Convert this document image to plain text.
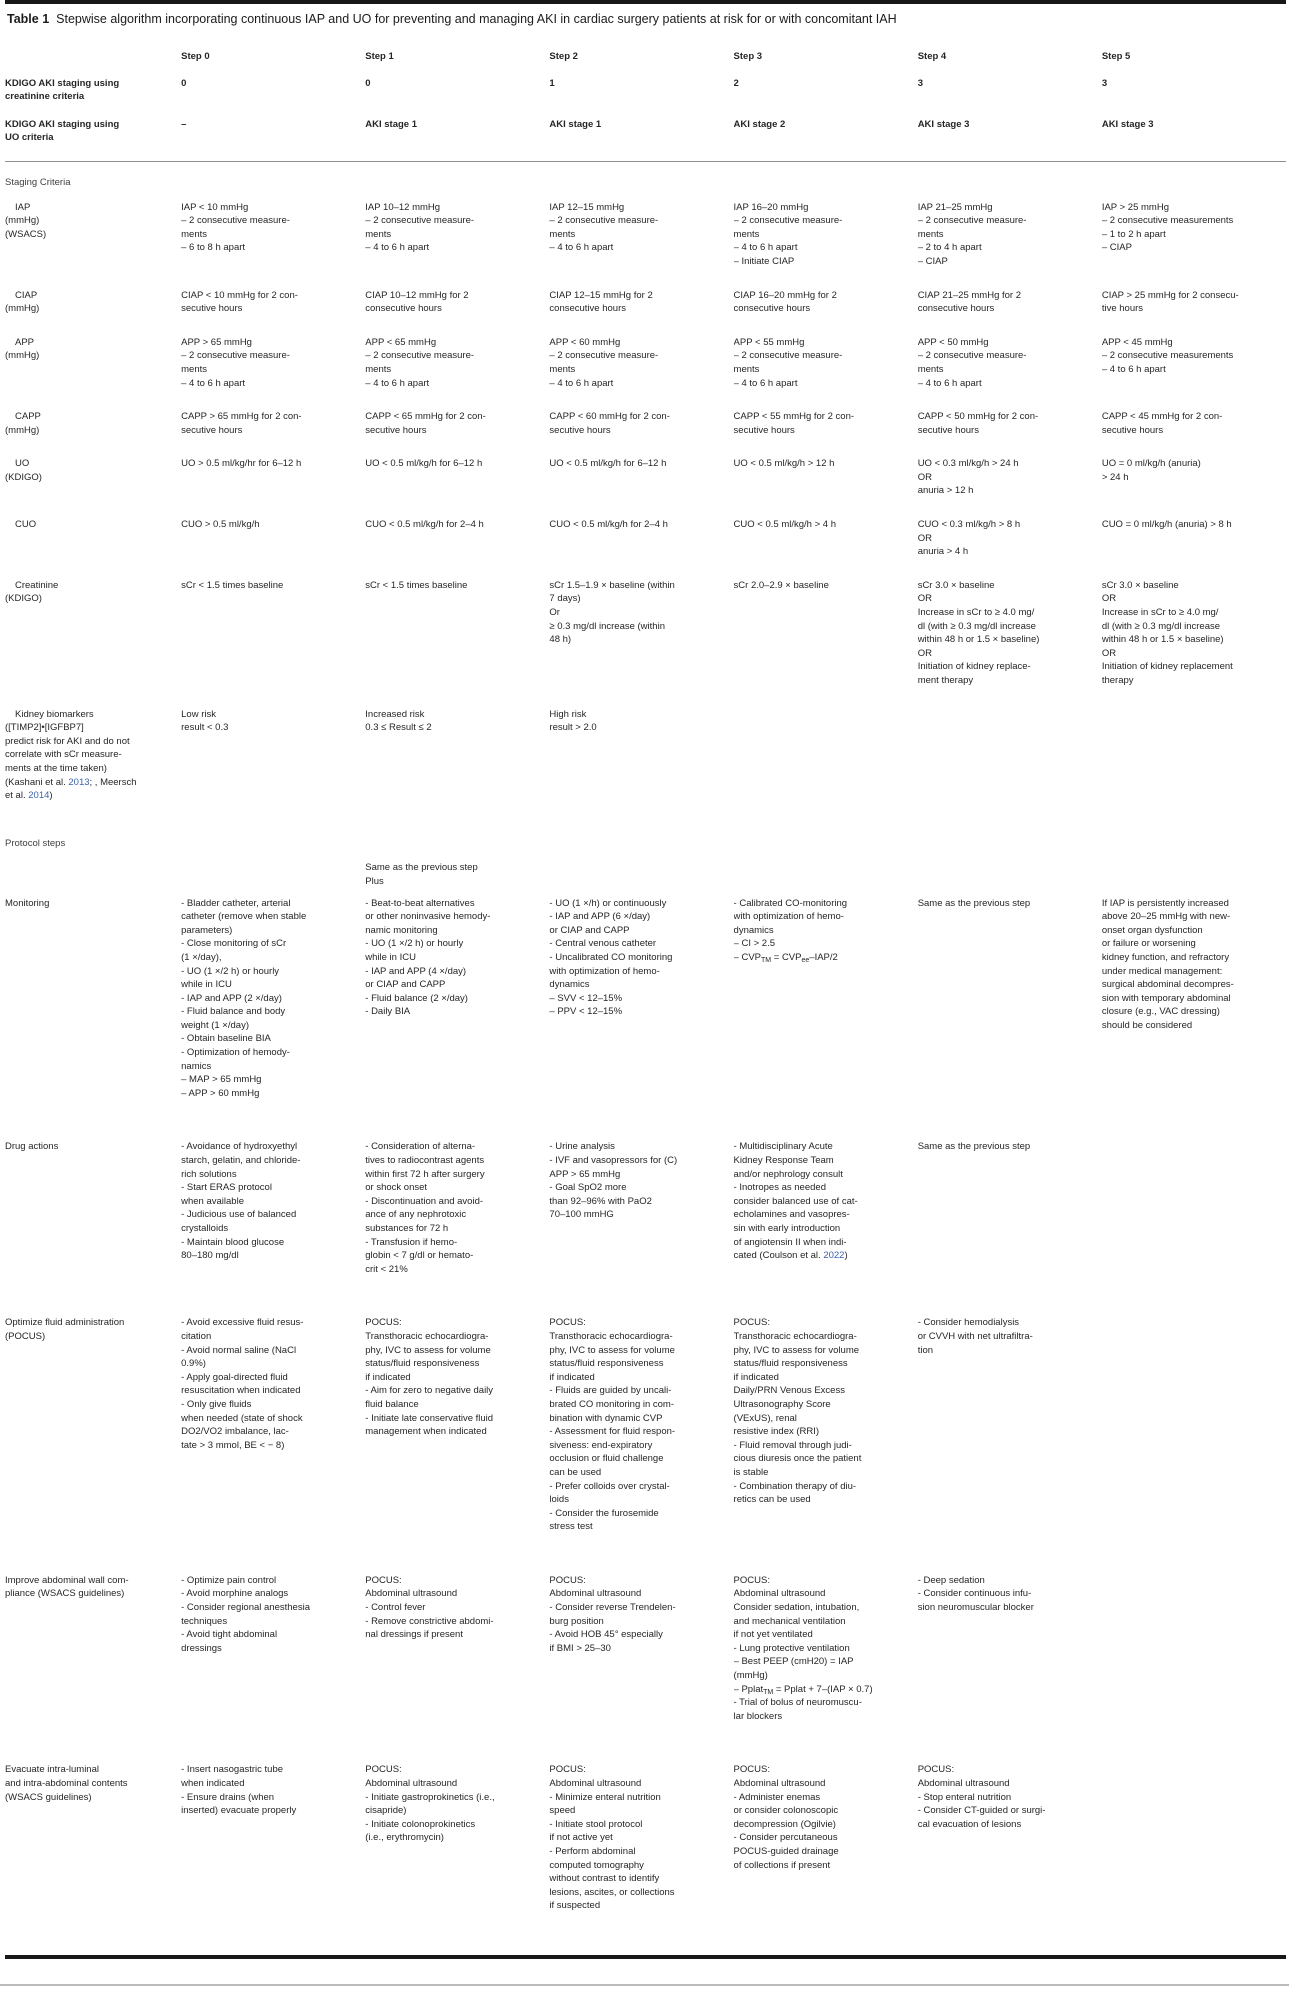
Table 1 Stepwise algorithm incorporating continuous IAP and UO for preventing and managing AKI in cardiac surgery patients at risk for or with concomitant IAH
	Step 0	Step 1	Step 2	Step 3	Step 4	Step 5
KDIGO AKI staging using
creatinine criteria	0	0	1	2	3	3
KDIGO AKI staging using
UO criteria	–	AKI stage 1	AKI stage 1	AKI stage 2	AKI stage 3	AKI stage 3
Staging Criteria						
IAP
(mmHg)
(WSACS)	IAP < 10 mmHg
– 2 consecutive measure-
ments
– 6 to 8 h apart	IAP 10–12 mmHg
– 2 consecutive measure-
ments
– 4 to 6 h apart	IAP 12–15 mmHg
– 2 consecutive measure-
ments
– 4 to 6 h apart	IAP 16–20 mmHg
– 2 consecutive measure-
ments
– 4 to 6 h apart
– Initiate CIAP	IAP 21–25 mmHg
– 2 consecutive measure-
ments
– 2 to 4 h apart
– CIAP	IAP > 25 mmHg
– 2 consecutive measurements
– 1 to 2 h apart
– CIAP
CIAP
(mmHg)	CIAP < 10 mmHg for 2 con-
secutive hours	CIAP 10–12 mmHg for 2
consecutive hours	CIAP 12–15 mmHg for 2
consecutive hours	CIAP 16–20 mmHg for 2
consecutive hours	CIAP 21–25 mmHg for 2
consecutive hours	CIAP > 25 mmHg for 2 consecu-
tive hours
APP
(mmHg)	APP > 65 mmHg
– 2 consecutive measure-
ments
– 4 to 6 h apart	APP < 65 mmHg
– 2 consecutive measure-
ments
– 4 to 6 h apart	APP < 60 mmHg
– 2 consecutive measure-
ments
– 4 to 6 h apart	APP < 55 mmHg
– 2 consecutive measure-
ments
– 4 to 6 h apart	APP < 50 mmHg
– 2 consecutive measure-
ments
– 4 to 6 h apart	APP < 45 mmHg
– 2 consecutive measurements
– 4 to 6 h apart
CAPP
(mmHg)	CAPP > 65 mmHg for 2 con-
secutive hours	CAPP < 65 mmHg for 2 con-
secutive hours	CAPP < 60 mmHg for 2 con-
secutive hours	CAPP < 55 mmHg for 2 con-
secutive hours	CAPP < 50 mmHg for 2 con-
secutive hours	CAPP < 45 mmHg for 2 con-
secutive hours
UO
(KDIGO)	UO > 0.5 ml/kg/hr for 6–12 h	UO < 0.5 ml/kg/h for 6–12 h	UO < 0.5 ml/kg/h for 6–12 h	UO < 0.5 ml/kg/h > 12 h	UO < 0.3 ml/kg/h > 24 h
OR
anuria > 12 h	UO = 0 ml/kg/h (anuria)
> 24 h
CUO	CUO > 0.5 ml/kg/h	CUO < 0.5 ml/kg/h for 2–4 h	CUO < 0.5 ml/kg/h for 2–4 h	CUO < 0.5 ml/kg/h > 4 h	CUO < 0.3 ml/kg/h > 8 h
OR
anuria > 4 h	CUO = 0 ml/kg/h (anuria) > 8 h
Creatinine
(KDIGO)	sCr < 1.5 times baseline	sCr < 1.5 times baseline	sCr 1.5–1.9 × baseline (within
7 days)
Or
≥ 0.3 mg/dl increase (within
48 h)	sCr 2.0–2.9 × baseline	sCr 3.0 × baseline
OR
Increase in sCr to ≥ 4.0 mg/
dl (with ≥ 0.3 mg/dl increase
within 48 h or 1.5 × baseline)
OR
Initiation of kidney replace-
ment therapy	sCr 3.0 × baseline
OR
Increase in sCr to ≥ 4.0 mg/
dl (with ≥ 0.3 mg/dl increase
within 48 h or 1.5 × baseline)
OR
Initiation of kidney replacement
therapy
Kidney biomarkers
([TIMP2]•[IGFBP7]
predict risk for AKI and do not
correlate with sCr measure-
ments at the time taken)
(Kashani et al. 2013; , Meersch
et al. 2014)	Low risk
result < 0.3	Increased risk
0.3 ≤ Result ≤ 2	High risk
result > 2.0			
Protocol steps						
		Same as the previous step
Plus				
Monitoring	- Bladder catheter, arterial
catheter (remove when stable
parameters)
- Close monitoring of sCr
(1 ×/day),
- UO (1 ×/2 h) or hourly
while in ICU
- IAP and APP (2 ×/day)
- Fluid balance and body
weight (1 ×/day)
- Obtain baseline BIA
- Optimization of hemody-
namics
– MAP > 65 mmHg
– APP > 60 mmHg	- Beat-to-beat alternatives
or other noninvasive hemody-
namic monitoring
- UO (1 ×/2 h) or hourly
while in ICU
- IAP and APP (4 ×/day)
or CIAP and CAPP
- Fluid balance (2 ×/day)
- Daily BIA	- UO (1 ×/h) or continuously
- IAP and APP (6 ×/day)
or CIAP and CAPP
- Central venous catheter
- Uncalibrated CO monitoring
with optimization of hemo-
dynamics
– SVV < 12–15%
– PPV < 12–15%	- Calibrated CO-monitoring
with optimization of hemo-
dynamics
– CI > 2.5
– $CVP_{TM} = CVP_{ee}-IAP/2$	Same as the previous step	If IAP is persistently increased
above 20–25 mmHg with new-
onset organ dysfunction
or failure or worsening
kidney function, and refractory
under medical management:
surgical abdominal decompres-
sion with temporary abdominal
closure (e.g., VAC dressing)
should be considered
Drug actions	- Avoidance of hydroxyethyl
starch, gelatin, and chloride-
rich solutions
- Start ERAS protocol
when available
- Judicious use of balanced
crystalloids
- Maintain blood glucose
80–180 mg/dl	- Consideration of alterna-
tives to radiocontrast agents
within first 72 h after surgery
or shock onset
- Discontinuation and avoid-
ance of any nephrotoxic
substances for 72 h
- Transfusion if hemo-
globin < 7 g/dl or hemato-
crit < 21%	- Urine analysis
- IVF and vasopressors for (C)
APP > 65 mmHg
- Goal SpO2 more
than 92–96% with PaO2
70–100 mmHG	- Multidisciplinary Acute
Kidney Response Team
and/or nephrology consult
- Inotropes as needed
consider balanced use of cat-
echolamines and vasopres-
sin with early introduction
of angiotensin II when indi-
cated (Coulson et al. 2022)	Same as the previous step	
Optimize fluid administration
(POCUS)	- Avoid excessive fluid resus-
citation
- Avoid normal saline (NaCl
0.9%)
- Apply goal-directed fluid
resuscitation when indicated
- Only give fluids
when needed (state of shock
DO2/VO2 imbalance, lac-
tate > 3 mmol, BE < − 8)	POCUS:
Transthoracic echocardiogra-
phy, IVC to assess for volume
status/fluid responsiveness
if indicated
- Aim for zero to negative daily
fluid balance
- Initiate late conservative fluid
management when indicated	POCUS:
Transthoracic echocardiogra-
phy, IVC to assess for volume
status/fluid responsiveness
if indicated
- Fluids are guided by uncali-
brated CO monitoring in com-
bination with dynamic CVP
- Assessment for fluid respon-
siveness: end-expiratory
occlusion or fluid challenge
can be used
- Prefer colloids over crystal-
loids
- Consider the furosemide
stress test	POCUS:
Transthoracic echocardiogra-
phy, IVC to assess for volume
status/fluid responsiveness
if indicated
Daily/PRN Venous Excess
Ultrasonography Score
(VExUS), renal
resistive index (RRI)
- Fluid removal through judi-
cious diuresis once the patient
is stable
- Combination therapy of diu-
retics can be used	- Consider hemodialysis
or CVVH with net ultrafiltra-
tion	
Improve abdominal wall com-
pliance (WSACS guidelines)	- Optimize pain control
- Avoid morphine analogs
- Consider regional anesthesia
techniques
- Avoid tight abdominal
dressings	POCUS:
Abdominal ultrasound
- Control fever
- Remove constrictive abdomi-
nal dressings if present	POCUS:
Abdominal ultrasound
- Consider reverse Trendelen-
burg position
- Avoid HOB 45° especially
if BMI > 25–30	POCUS:
Abdominal ultrasound
Consider sedation, intubation,
and mechanical ventilation
if not yet ventilated
- Lung protective ventilation
– Best PEEP (cmH20) = IAP
(mmHg)
– Pplat$_{TM}$ = Pplat + 7–(IAP × 0.7)
- Trial of bolus of neuromuscu-
lar blockers	- Deep sedation
- Consider continuous infu-
sion neuromuscular blocker	
Evacuate intra-luminal
and intra-abdominal contents
(WSACS guidelines)	- Insert nasogastric tube
when indicated
- Ensure drains (when
inserted) evacuate properly	POCUS:
Abdominal ultrasound
- Initiate gastroprokinetics (i.e.,
cisapride)
- Initiate colonoprokinetics
(i.e., erythromycin)	POCUS:
Abdominal ultrasound
- Minimize enteral nutrition
speed
- Initiate stool protocol
if not active yet
- Perform abdominal
computed tomography
without contrast to identify
lesions, ascites, or collections
if suspected	POCUS:
Abdominal ultrasound
- Administer enemas
or consider colonoscopic
decompression (Ogilvie)
- Consider percutaneous
POCUS-guided drainage
of collections if present	POCUS:
Abdominal ultrasound
- Stop enteral nutrition
- Consider CT-guided or surgi-
cal evacuation of lesions	
